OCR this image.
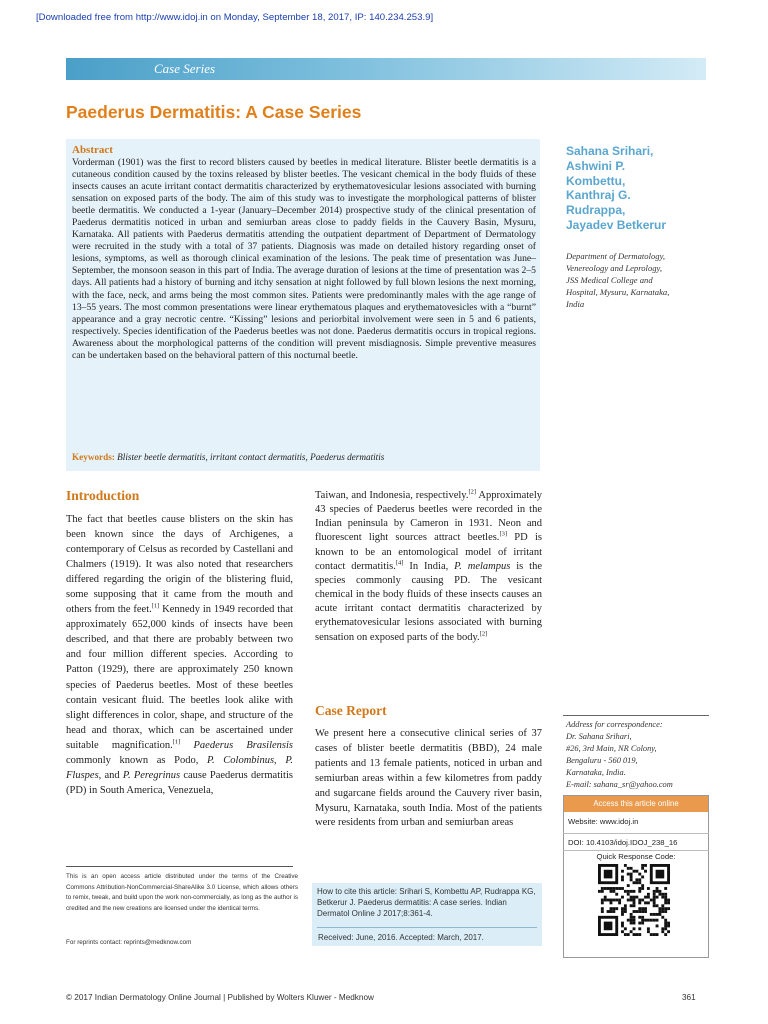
[Downloaded free from http://www.idoj.in on Monday, September 18, 2017, IP: 140.234.253.9]
Case Series
Paederus Dermatitis: A Case Series
Abstract

Vorderman (1901) was the first to record blisters caused by beetles in medical literature. Blister beetle dermatitis is a cutaneous condition caused by the toxins released by blister beetles. The vesicant chemical in the body fluids of these insects causes an acute irritant contact dermatitis characterized by erythematovesicular lesions associated with burning sensation on exposed parts of the body. The aim of this study was to investigate the morphological patterns of blister beetle dermatitis. We conducted a 1-year (January–December 2014) prospective study of the clinical presentation of Paederus dermatitis noticed in urban and semiurban areas close to paddy fields in the Cauvery Basin, Mysuru, Karnataka. All patients with Paederus dermatitis attending the outpatient department of Department of Dermatology were recruited in the study with a total of 37 patients. Diagnosis was made on detailed history regarding onset of lesions, symptoms, as well as thorough clinical examination of the lesions. The peak time of presentation was June–September, the monsoon season in this part of India. The average duration of lesions at the time of presentation was 2–5 days. All patients had a history of burning and itchy sensation at night followed by full blown lesions the next morning, with the face, neck, and arms being the most common sites. Patients were predominantly males with the age range of 13–55 years. The most common presentations were linear erythematous plaques and erythematovesicles with a “burnt” appearance and a gray necrotic centre. “Kissing” lesions and periorbital involvement were seen in 5 and 6 patients, respectively. Species identification of the Paederus beetles was not done. Paederus dermatitis occurs in tropical regions. Awareness about the morphological patterns of the condition will prevent misdiagnosis. Simple preventive measures can be undertaken based on the behavioral pattern of this nocturnal beetle.

Keywords: Blister beetle dermatitis, irritant contact dermatitis, Paederus dermatitis
Sahana Srihari,
Ashwini P.
Kombettu,
Kanthraj G.
Rudrappa,
Jayadev Betkerur
Department of Dermatology,
Venereology and Leprology,
JSS Medical College and
Hospital, Mysuru, Karnataka,
India
Introduction

The fact that beetles cause blisters on the skin has been known since the days of Archigenes, a contemporary of Celsus as recorded by Castellani and Chalmers (1919). It was also noted that researchers differed regarding the origin of the blistering fluid, some supposing that it came from the mouth and others from the feet.[1] Kennedy in 1949 recorded that approximately 652,000 kinds of insects have been described, and that there are probably between two and four million different species. According to Patton (1929), there are approximately 250 known species of Paederus beetles. Most of these beetles contain vesicant fluid. The beetles look alike with slight differences in color, shape, and structure of the head and thorax, which can be ascertained under suitable magnification.[1] Paederus Brasilensis commonly known as Podo, P. Colombinus, P. Fluspes, and P. Peregrinus cause Paederus dermatitis (PD) in South America, Venezuela,

Taiwan, and Indonesia, respectively.[2] Approximately 43 species of Paederus beetles were recorded in the Indian peninsula by Cameron in 1931. Neon and fluorescent light sources attract beetles.[3] PD is known to be an entomological model of irritant contact dermatitis.[4] In India, P. melampus is the species commonly causing PD. The vesicant chemical in the body fluids of these insects causes an acute irritant contact dermatitis characterized by erythematovesicular lesions associated with burning sensation on exposed parts of the body.[2]

Case Report

We present here a consecutive clinical series of 37 cases of blister beetle dermatitis (BBD), 24 male patients and 13 female patients, noticed in urban and semiurban areas within a few kilometres from paddy and sugarcane fields around the Cauvery river basin, Mysuru, Karnataka, south India. Most of the patients were residents from urban and semiurban areas

This is an open access article distributed under the terms of the Creative Commons Attribution-NonCommercial-ShareAlike 3.0 License, which allows others to remix, tweak, and build upon the work non-commercially, as long as the author is credited and the new creations are licensed under the identical terms.

For reprints contact: reprints@medknow.com

How to cite this article: Srihari S, Kombettu AP, Rudrappa KG, Betkerur J. Paederus dermatitis: A case series. Indian Dermatol Online J 2017;8:361-4.

Received: June, 2016. Accepted: March, 2017.
Address for correspondence:
Dr. Sahana Srihari,
#26, 3rd Main, NR Colony,
Bengaluru - 560 019,
Karnataka, India.
E-mail: sahana_sr@yahoo.com
Access this article online
Website: www.idoj.in
DOI: 10.4103/idoj.IDOJ_238_16
Quick Response Code:
© 2017 Indian Dermatology Online Journal | Published by Wolters Kluwer - Medknow	361
